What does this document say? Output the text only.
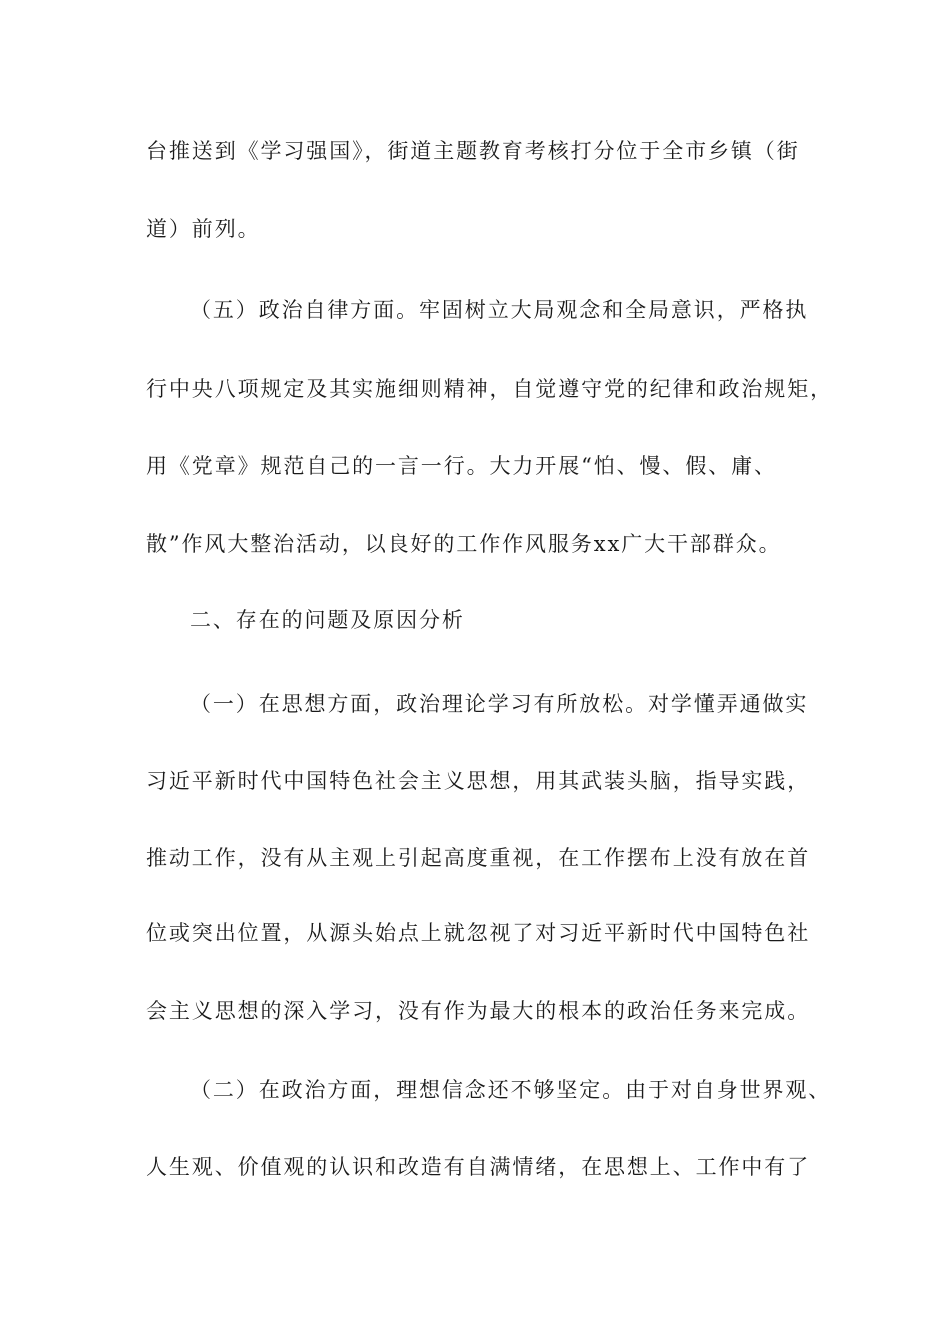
台推送到《学习强国》，街道主题教育考核打分位于全市乡镇（街
道）前列。
（五）政治自律方面。牢固树立大局观念和全局意识，严格执
行中央八项规定及其实施细则精神，自觉遵守党的纪律和政治规矩，
用《党章》规范自己的一言一行。大力开展“怕、慢、假、庸、
散”作风大整治活动，以良好的工作作风服务xx广大干部群众。
二、存在的问题及原因分析
（一）在思想方面，政治理论学习有所放松。对学懂弄通做实
习近平新时代中国特色社会主义思想，用其武装头脑，指导实践，
推动工作，没有从主观上引起高度重视，在工作摆布上没有放在首
位或突出位置，从源头始点上就忽视了对习近平新时代中国特色社
会主义思想的深入学习，没有作为最大的根本的政治任务来完成。
（二）在政治方面，理想信念还不够坚定。由于对自身世界观、
人生观、价值观的认识和改造有自满情绪，在思想上、工作中有了
